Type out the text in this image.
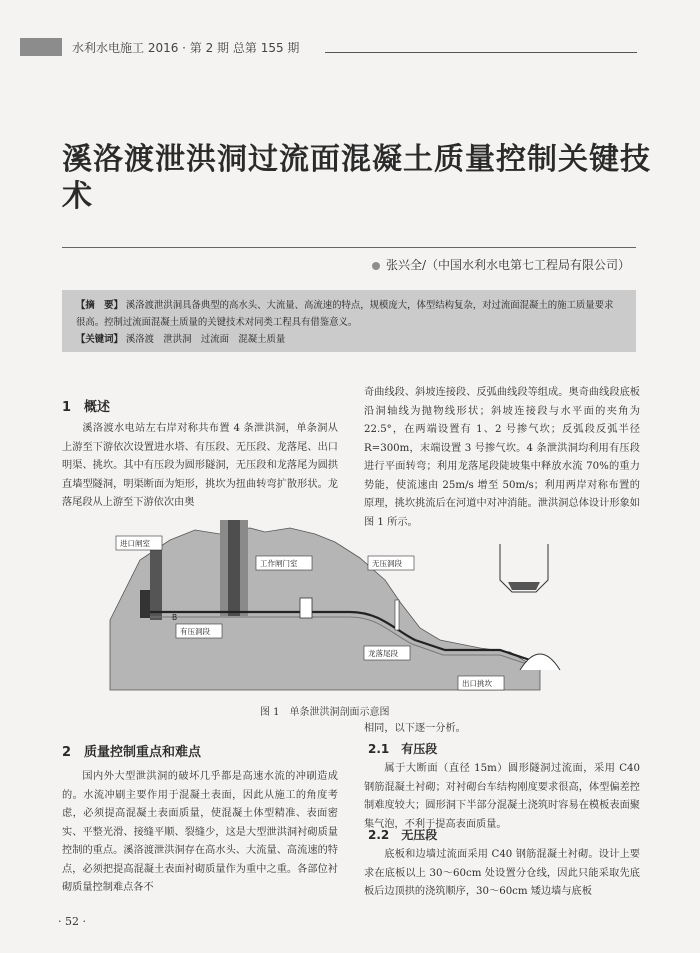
水利水电施工 2016 · 第 2 期 总第 155 期
溪洛渡泄洪洞过流面混凝土质量控制关键技术
张兴全/（中国水利水电第七工程局有限公司）
【摘　要】 溪洛渡泄洪洞具备典型的高水头、大流量、高流速的特点，规模庞大，体型结构复杂，对过流面混凝土的施工质量要求很高。控制过流面混凝土质量的关键技术对同类工程具有借鉴意义。
【关键词】 溪洛渡　泄洪洞　过流面　混凝土质量
1　概述
溪洛渡水电站左右岸对称共布置 4 条泄洪洞，单条洞从上游至下游依次设置进水塔、有压段、无压段、龙落尾、出口明渠、挑坎。其中有压段为圆形隧洞，无压段和龙落尾为圆拱直墙型隧洞，明渠断面为矩形，挑坎为扭曲转弯扩散形状。龙落尾段从上游至下游依次由奥
奇曲线段、斜坡连接段、反弧曲线段等组成。奥奇曲线段底板沿洞轴线为抛物线形状；斜坡连接段与水平面的夹角为 22.5°，在两端设置有 1、2 号掺气坎；反弧段反弧半径 R=300m，末端设置 3 号掺气坎。4 条泄洪洞均利用有压段进行平面转弯；利用龙落尾段陡坡集中释放水流 70%的重力势能，使流速由 25m/s 增至 50m/s；利用两岸对称布置的原理，挑坎挑流后在河道中对冲消能。泄洪洞总体设计形象如图 1 所示。
进口闸室
工作闸门室	无压洞段
有压洞段
龙落尾段
出口挑坎
B
图 1　单条泄洪洞剖面示意图
2　质量控制重点和难点
国内外大型泄洪洞的破坏几乎都是高速水流的冲刷造成的。水流冲刷主要作用于混凝土表面，因此从施工的角度考虑，必须提高混凝土表面质量，使混凝土体型精准、表面密实、平整光滑、接缝平顺、裂缝少，这是大型泄洪洞衬砌质量控制的重点。溪洛渡泄洪洞存在高水头、大流量、高流速的特点，必须把提高混凝土表面衬砌质量作为重中之重。各部位衬砌质量控制难点各不
相同，以下逐一分析。
2.1　有压段
属于大断面（直径 15m）圆形隧洞过流面，采用 C40 钢筋混凝土衬砌；对衬砌台车结构刚度要求很高，体型偏差控制难度较大；圆形洞下半部分混凝土浇筑时容易在模板表面聚集气泡，不利于提高表面质量。
2.2　无压段
底板和边墙过流面采用 C40 钢筋混凝土衬砌。设计上要求在底板以上 30～60cm 处设置分仓线，因此只能采取先底板后边顶拱的浇筑顺序，30～60cm 矮边墙与底板
· 52 ·
